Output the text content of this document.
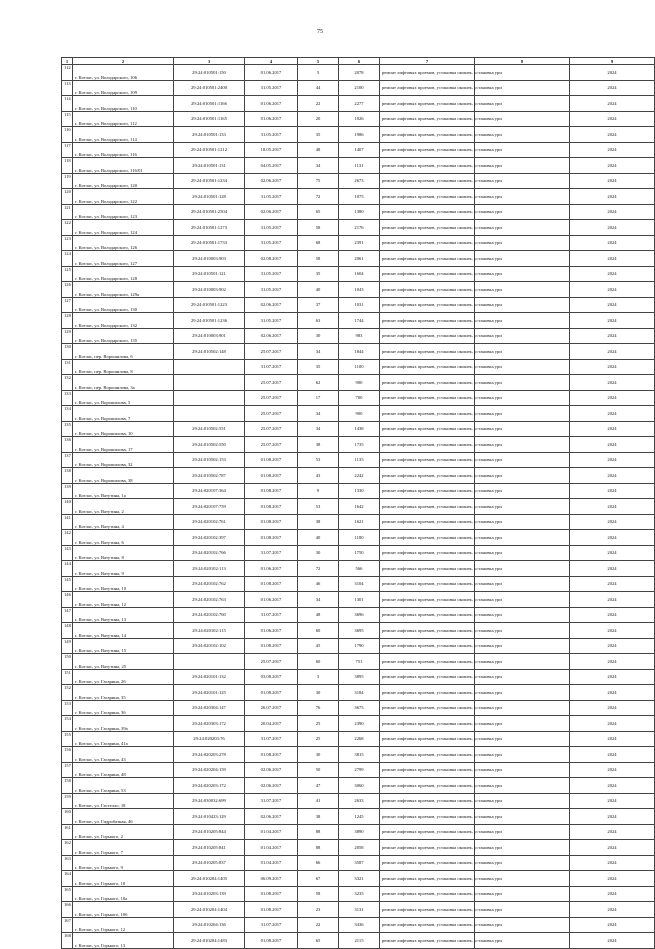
75
1	2	3	4	5	6	7	8	9
112	г. Котлас, ул. Володарского, 106	29:24:010501:150	01.06.2017	5	2078	ремонт лифтовых проемов, установка окошек, установка ури		2024
113	г. Котлас, ул. Володарского, 109	29:24:010501:2400	31.05.2017	44	2100	ремонт лифтовых проемов, установка окошек, установка ури		2024
114	г. Котлас, ул. Володарского, 110	29:24:010501:1166	01.06.2017	22	2277	ремонт лифтовых проемов, установка окошек, установка ури		2024
115	г. Котлас, ул. Володарского, 112	29:24:010501:1165	01.06.2017	20	1026	ремонт лифтовых проемов, установка окошек, установка ури		2024
116	г. Котлас, ул. Володарского, 114	29:24:010501:133	31.05.2017	35	1986	ремонт лифтовых проемов, установка окошек, установка ури		2024
117	г. Котлас, ул. Володарского, 116	29:24:010501:1212	18.05.2017	48	1407	ремонт лифтовых проемов, установка окошек, установка ури		2024
118	г. Котлас, ул. Володарского, 116/01	29:24:010501:131	04.05.2017	34	1131	ремонт лифтовых проемов, установка окошек, установка ури		2024
119	г. Котлас, ул. Володарского, 120	29:24:010501:1234	02.06.2017	75	2673	ремонт лифтовых проемов, установка окошек, установка ури		2024
120	г. Котлас, ул. Володарского, 122	29:24:010501:128	31.05.2017	72	1075	ремонт лифтовых проемов, установка окошек, установка ури		2024
121	г. Котлас, ул. Володарского, 123	29:24:010501:2504	02.06.2017	65	1380	ремонт лифтовых проемов, установка окошек, установка ури		2024
122	г. Котлас, ул. Володарского, 124	29:24:010501:1273	31.05.2017	58	2176	ремонт лифтовых проемов, установка окошек, установка ури		2024
123	г. Котлас, ул. Володарского, 126	29:24:010501:1733	31.05.2017	68	2391	ремонт лифтовых проемов, установка окошек, установка ури		2024
124	г. Котлас, ул. Володарского, 127	29:24:010003:903	02.08.2017	58	2061	ремонт лифтовых проемов, установка окошек, установка ури		2024
125	г. Котлас, ул. Володарского, 128	29:24:010501:121	31.05.2017	35	1604	ремонт лифтовых проемов, установка окошек, установка ури		2024
126	г. Котлас, ул. Володарского, 129а	29:24:010003:902	31.05.2017	40	1043	ремонт лифтовых проемов, установка окошек, установка ури		2024
127	г. Котлас, ул. Володарского, 130	29:24:010501:1223	02.06.2017	37	1031	ремонт лифтовых проемов, установка окошек, установка ури		2024
128	г. Котлас, ул. Володарского, 132	29:24:010501:1236	31.05.2017	63	1744	ремонт лифтовых проемов, установка окошек, установка ури		2024
129	г. Котлас, ул. Володарского, 135	29:24:010003:901	02.06.2017	30	983	ремонт лифтовых проемов, установка окошек, установка ури		2024
130	г. Котлас, пер. Ворошилова, 6	29:24:010502:148	25.07.2017	34	1844	ремонт лифтовых проемов, установка окошек, установка ури		2024
131	г. Котлас, пер. Ворошилова, 8		31.07.2017	35	1100	ремонт лифтовых проемов, установка окошек, установка ури		2024
132	г. Котлас, пер. Ворошилова, 3а		25.07.2017	62	900	ремонт лифтовых проемов, установка окошек, установка ури		2024
133	г. Котлас, ул. Ворошилова, 5		25.07.2017	17	700	ремонт лифтовых проемов, установка окошек, установка ури		2024
134	г. Котлас, ул. Ворошилова, 7		25.07.2017	34	900	ремонт лифтовых проемов, установка окошек, установка ури		2024
135	г. Котлас, ул. Ворошилова, 10	29:24:010502:551	25.07.2017	34	1438	ремонт лифтовых проемов, установка окошек, установка ури		2024
136	г. Котлас, ул. Ворошилова, 17	29:24:010502:550	25.07.2017	38	1735	ремонт лифтовых проемов, установка окошек, установка ури		2024
137	г. Котлас, ул. Ворошилова, 32	29:24:010502:153	01.08.2017	53	1135	ремонт лифтовых проемов, установка окошек, установка ури		2024
138	г. Котлас, ул. Ворошилова, 38	29:24:010502:787	01.08.2017	43	2242	ремонт лифтовых проемов, установка окошек, установка ури		2024
139	г. Котлас, ул. Ватутина, 1а	29:24:020107:364	01.08.2017	9	1330	ремонт лифтовых проемов, установка окошек, установка ури		2024
140	г. Котлас, ул. Ватутина, 2	29:24:020107:759	01.08.2017	53	1642	ремонт лифтовых проемов, установка окошек, установка ури		2024
141	г. Котлас, ул. Ватутина, 4	29:24:020102:761	01.08.2017	38	1621	ремонт лифтовых проемов, установка окошек, установка ури		2024
142	г. Котлас, ул. Ватутина, 6	29:24:020102:397	01.08.2017	40	1180	ремонт лифтовых проемов, установка окошек, установка ури		2024
143	г. Котлас, ул. Ватутина, 8	29:24:020102:766	31.07.2017	30	1750	ремонт лифтовых проемов, установка окошек, установка ури		2024
144	г. Котлас, ул. Ватутина, 9	29:24:020102:113	01.06.2017	72	566	ремонт лифтовых проемов, установка окошек, установка ури		2024
145	г. Котлас, ул. Ватутина, 10	29:24:020102:762	01.08.2017	46	3104	ремонт лифтовых проемов, установка окошек, установка ури		2024
146	г. Котлас, ул. Ватутина, 12	29:24:020102:763	01.06.2017	34	1301	ремонт лифтовых проемов, установка окошек, установка ури		2024
147	г. Котлас, ул. Ватутина, 13	29:24:020102:760	31.07.2017	48	3696	ремонт лифтовых проемов, установка окошек, установка ури		2024
148	г. Котлас, ул. Ватутина, 14	29:24:020102:115	01.06.2017	60	3695	ремонт лифтовых проемов, установка окошек, установка ури		2024
149	г. Котлас, ул. Ватутина, 15	29:24:020102:102	01.08.2017	45	1790	ремонт лифтовых проемов, установка окошек, установка ури		2024
150	г. Котлас, ул. Ватутина, 25		25.07.2017	60	751	ремонт лифтовых проемов, установка окошек, установка ури		2024
151	г. Котлас, ул. Гагарина, 26	29:24:020101:132	03.08.2017	3	3895	ремонт лифтовых проемов, установка окошек, установка ури		2024
152	г. Котлас, ул. Гагарина, 35	29:24:020101:125	01.08.2017	30	3184	ремонт лифтовых проемов, установка окошек, установка ури		2024
153	г. Котлас, ул. Гагарина, 36	29:24:020304:147	26.07.2017	76	3675	ремонт лифтовых проемов, установка окошек, установка ури		2024
154	г. Котлас, ул. Гагарина, 39а	29:24:020303:172	20.04.2017	25	2390	ремонт лифтовых проемов, установка окошек, установка ури		2024
155	г. Котлас, ул. Гагарина, 41а	29:24:020203:76	31.07.2017	25	2268	ремонт лифтовых проемов, установка окошек, установка ури		2024
156	г. Котлас, ул. Гагарина, 43	29:24:020203:278	01.08.2017	30	3815	ремонт лифтовых проемов, установка окошек, установка ури		2024
157	г. Котлас, ул. Гагарина, 48	29:24:020204:159	02.06.2017	50	2799	ремонт лифтовых проемов, установка окошек, установка ури		2024
158	г. Котлас, ул. Гагарина, 53	29:24:020203:172	02.06.2017	47	3060	ремонт лифтовых проемов, установка окошек, установка ури		2024
159	г. Котлас, ул. Гастелло, 18	29:24:030032:699	31.07.2017	41	2633	ремонт лифтовых проемов, установка окошек, установка ури		2024
160	г. Котлас, ул. Гидробазная, 46	29:24:010423:129	02.06.2017	38	1245	ремонт лифтовых проемов, установка окошек, установка ури		2024
161	г. Котлас, ул. Горького, 2	29:24:010205:844	01.04.2017	88	3890	ремонт лифтовых проемов, установка окошек, установка ури		2024
162	г. Котлас, ул. Горького, 7	29:24:010205:841	01.04.2017	88	2058	ремонт лифтовых проемов, установка окошек, установка ури		2024
163	г. Котлас, ул. Горького, 9	29:24:010205:837	01.04.2017	66	3587	ремонт лифтовых проемов, установка окошек, установка ури		2024
164	г. Котлас, ул. Горького, 10	29:24:010204:1405	06.09.2017	67	3321	ремонт лифтовых проемов, установка окошек, установка ури		2024
165	г. Котлас, ул. Горького, 10а	29:24:010203:139	01.08.2017	58	3235	ремонт лифтовых проемов, установка окошек, установка ури		2024
166	г. Котлас, ул. Горького, 10б	29:24:010204:1404	01.08.2017	23	3131	ремонт лифтовых проемов, установка окошек, установка ури		2024
167	г. Котлас, ул. Горького, 12	29:24:010204:136	31.07.2017	22	3436	ремонт лифтовых проемов, установка окошек, установка ури		2024
168	г. Котлас, ул. Горького, 13	29:24:010204:1483	01.08.2017	65	2115	ремонт лифтовых проемов, установка окошек, установка ури		2024
